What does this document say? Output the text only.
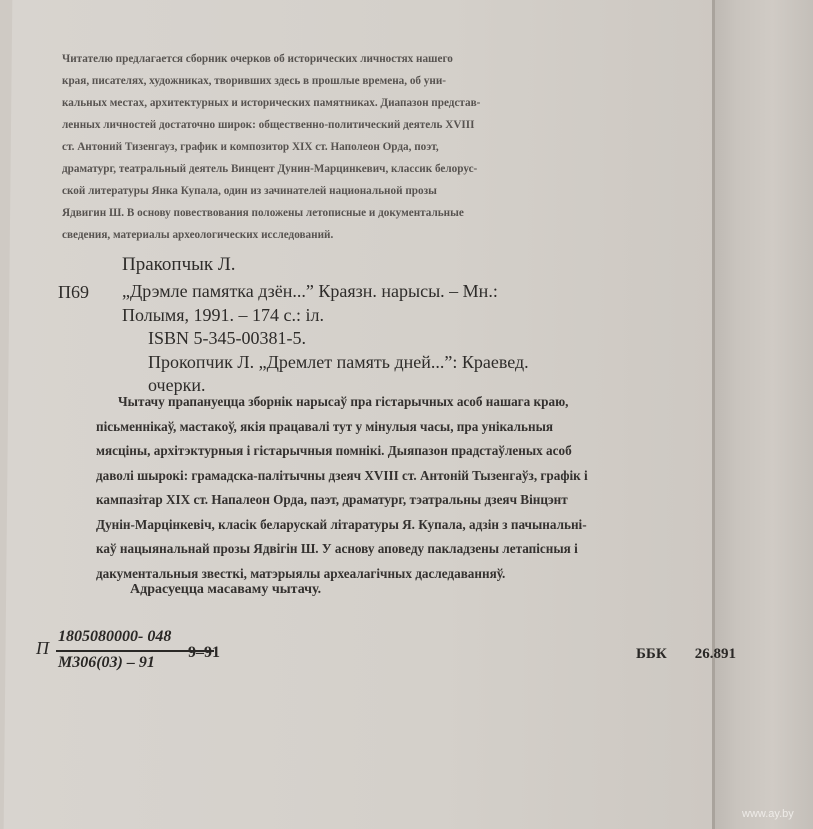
Читателю предлагается сборник очерков об исторических личностях нашего
края, писателях, художниках, творивших здесь в прошлые времена, об уни-
кальных местах, архитектурных и исторических памятниках. Диапазон представ-
ленных личностей достаточно широк: общественно-политический деятель XVIII
ст. Антоний Тизенгауз, график и композитор XIX ст. Наполеон Орда, поэт,
драматург, театральный деятель Винцент Дунин-Марцинкевич, классик белорус-
ской литературы Янка Купала, один из зачинателей национальной прозы
Ядвигин Ш. В основу повествования положены летописные и документальные
сведения, материалы археологических исследований.
Пракопчык Л.
П69 „Дрэмле памятка дзён...” Краязн. нарысы. – Мн.:
Полымя, 1991. – 174 с.: іл.
ISBN 5-345-00381-5.
Прокопчик Л. „Дремлет память дней...”: Краевед.
очерки.
Чытачу прапануецца зборнік нарысаў пра гістарычных асоб нашага краю,
пісьменнікаў, мастакоў, якія працавалі тут у мінулыя часы, пра унікальныя
мясціны, архітэктурныя і гістарычныя помнікі. Дыяпазон прадстаўленых асоб
даволі шырокі: грамадска-палітычны дзеяч XVIII ст. Антоній Тызенгаўз, графік і
кампазітар XIX ст. Напалеон Орда, паэт, драматург, тэатральны дзеяч Вінцэнт
Дунін-Марцінкевіч, класік беларускай літаратуры Я. Купала, адзін з пачынальні-
каў нацыянальнай прозы Ядвігін Ш. У аснову аповеду пакладзены летапісныя і
дакументальныя звесткі, матэрыялы археалагічных даследаванняў.
Адрасуецца масаваму чытачу.
П
1805080000- 048
М306(03) – 91
9–91	ББК 26.891
www.ay.by
